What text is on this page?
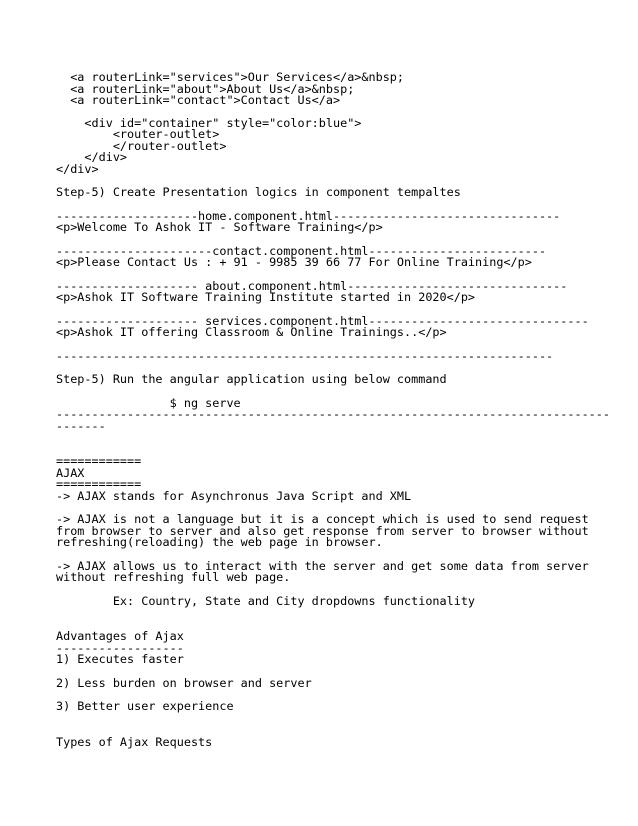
<a routerLink="services">Our Services</a>&nbsp;
<a routerLink="about">About Us</a>&nbsp;
<a routerLink="contact">Contact Us</a>
<div id="container" style="color:blue">
<router-outlet>
</router-outlet>
</div>
</div>
Step-5) Create Presentation logics in component tempaltes
--------------------home.component.html--------------------------------
<p>Welcome To Ashok IT - Software Training</p>
----------------------contact.component.html-------------------------
<p>Please Contact Us : + 91 - 9985 39 66 77 For Online Training</p>
-------------------- about.component.html-------------------------------
<p>Ashok IT Software Training Institute started in 2020</p>
-------------------- services.component.html-------------------------------
<p>Ashok IT offering Classroom & Online Trainings..</p>
----------------------------------------------------------------------
Step-5) Run the angular application using below command
$ ng serve
------------------------------------------------------------------------------
-------
============
AJAX
============
-> AJAX stands for Asynchronus Java Script and XML
-> AJAX is not a language but it is a concept which is used to send request
from browser to server and also get response from server to browser without
refreshing(reloading) the web page in browser.
-> AJAX allows us to interact with the server and get some data from server
without refreshing full web page.
Ex: Country, State and City dropdowns functionality
Advantages of Ajax
------------------
1) Executes faster
2) Less burden on browser and server
3) Better user experience
Types of Ajax Requests
